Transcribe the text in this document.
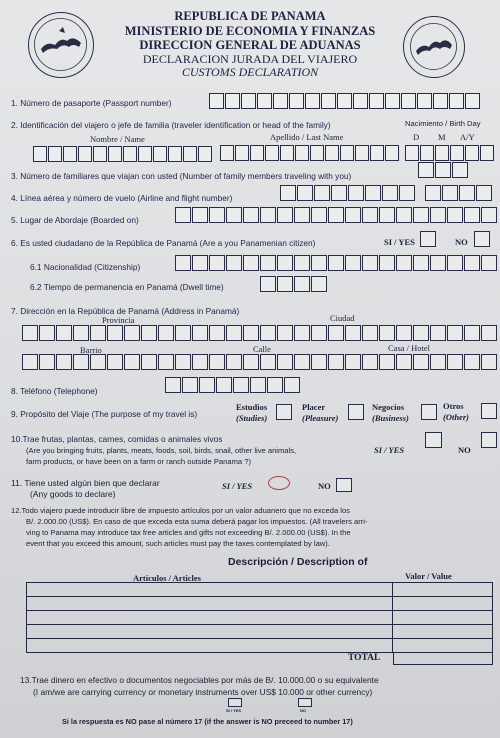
REPUBLICA DE PANAMA
MINISTERIO DE ECONOMIA Y FINANZAS
DIRECCION GENERAL DE ADUANAS
DECLARACION JURADA DEL VIAJERO
CUSTOMS DECLARATION
1. Número de pasaporte (Passport number)
2. Identificación del viajero o jefe de familia (traveler identification or head of the family)	Nacimiento / Birth Day
Nombre / Name	Apellido / Last Name	D M A/Y
3. Número de familiares que viajan con usted (Number of family members traveling with you)
4. Línea aérea y número de vuelo (Airline and flight number)
5. Lugar de Abordaje (Boarded on)
6. Es usted ciudadano de la República de Panamá (Are a you Panamenian citizen)	SI / YES	NO
6.1 Nacionalidad (Citizenship)
6.2 Tiempo de permanencia en Panamá (Dwell time)
7. Dirección en la República de Panamá (Address in Panamá)
Provincia	Ciudad
Barrio	Calle	Casa / Hotel
8. Teléfono (Telephone)
9. Propósito del Viaje (The purpose of my travel is)
Estudios
(Studies)
Placer
(Pleasure)
Negocios
(Business)
Otros
(Other)
10.Trae frutas, plantas, carnes, comidas o animales vivos
(Are you bringing fruits, plants, meats, foods, soil, birds, snail, other live animals,
farm products, or have been on a farm or ranch outside Panama ?)
SI / YES	NO
11. Tiene usted algún bien que declarar
(Any goods to declare)
SI / YES	NO
12.Todo viajero puede introducir libre de impuesto artículos por un valor aduanero que no exceda los
B/. 2.000.00 (US$). En caso de que exceda esta suma deberá pagar los impuestos. (All travelers arri-
ving to Panama may introduce tax free articles and gifts not exceeding B/. 2.000.00 (US$). In the
event that you exceed this amount, such articles must pay the taxes contemplated by law).
Descripción / Description of
Artículos / Articles	Valor / Value

TOTAL
13.Trae dinero en efectivo o documentos negociables por más de B/. 10.000.00 o su equivalente
(I am/we are carrying currency or monetary instruments over US$ 10.000 or other currency)
SI / YES	NO
Si la respuesta es NO pase al número 17 (if the answer is NO preceed to number 17)
